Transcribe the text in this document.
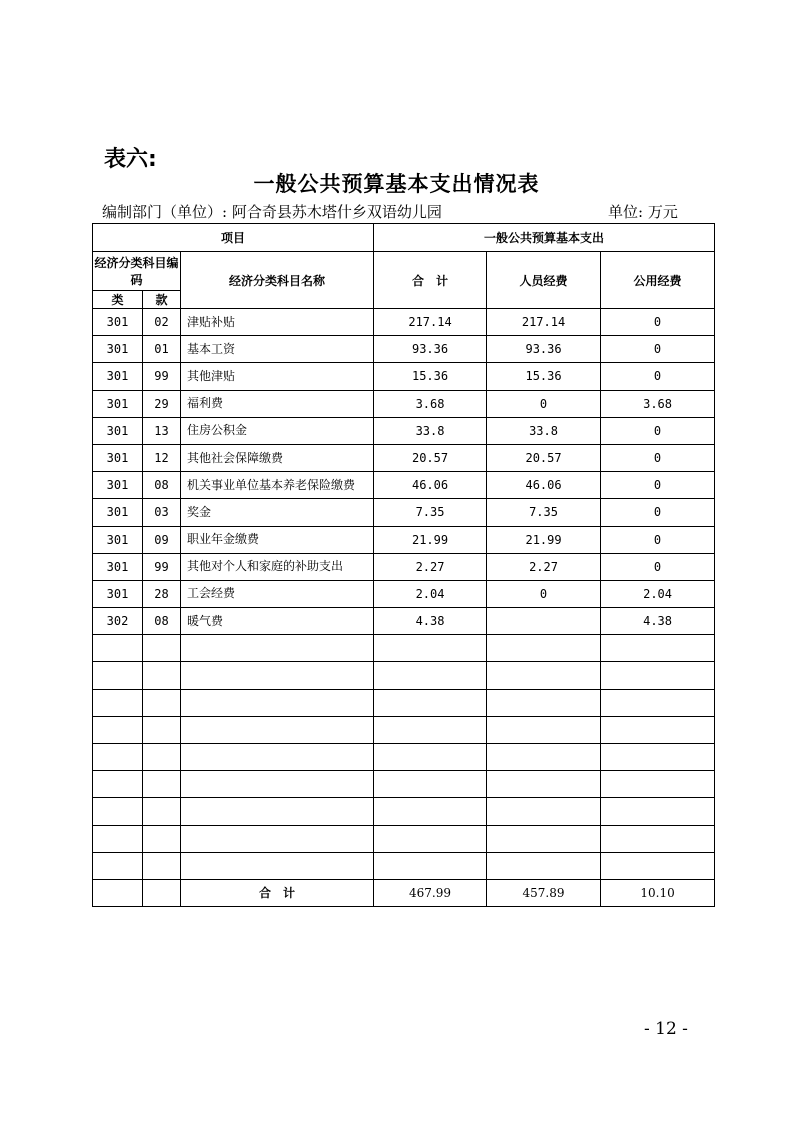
表六:
一般公共预算基本支出情况表
编制部门（单位）: 阿合奇县苏木塔什乡双语幼儿园	单位: 万元
项目			一般公共预算基本支出		
经济分类科目编码		经济分类科目名称	合　计	人员经费	公用经费
类	款				
301	02	津贴补贴	217.14	217.14	0
301	01	基本工资	93.36	93.36	0
301	99	其他津贴	15.36	15.36	0
301	29	福利费	3.68	0	3.68
301	13	住房公积金	33.8	33.8	0
301	12	其他社会保障缴费	20.57	20.57	0
301	08	机关事业单位基本养老保险缴费	46.06	46.06	0
301	03	奖金	7.35	7.35	0
301	09	职业年金缴费	21.99	21.99	0
301	99	其他对个人和家庭的补助支出	2.27	2.27	0
301	28	工会经费	2.04	0	2.04
302	08	暖气费	4.38		4.38

		合　计	467.99	457.89	10.10
- 12 -
